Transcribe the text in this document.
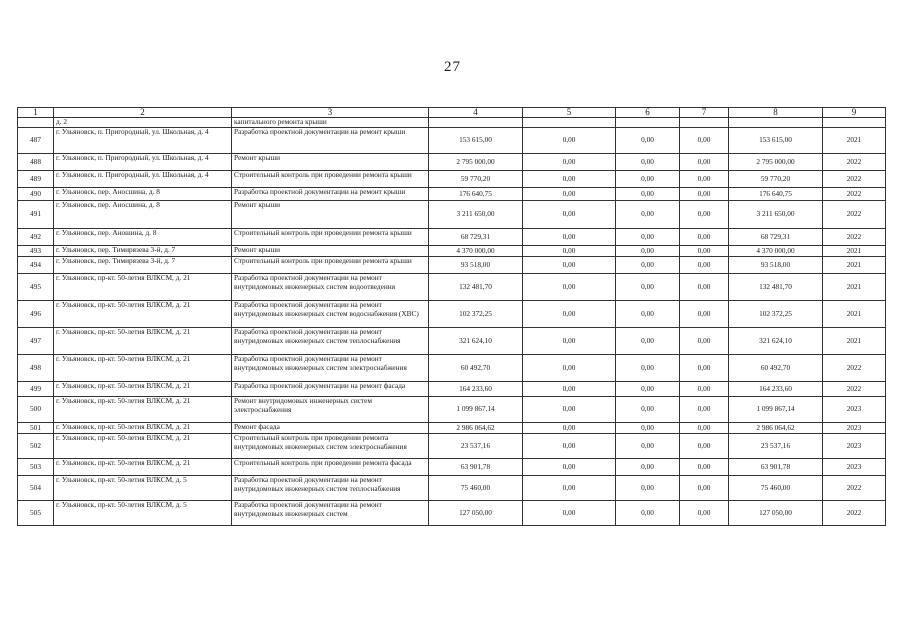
27
1	2	3	4	5	6	7	8	9
	д. 2	капитального ремонта крыши						
487	г. Ульяновск, п. Пригородный, ул. Школьная, д. 4	Разработка проектной документации на ремонт крыши	153 615,00	0,00	0,00	0,00	153 615,00	2021
488	г. Ульяновск, п. Пригородный, ул. Школьная, д. 4	Ремонт крыши	2 795 000,00	0,00	0,00	0,00	2 795 000,00	2022
489	г. Ульяновск, п. Пригородный, ул. Школьная, д. 4	Строительный контроль при проведении ремонта крыши	59 770,20	0,00	0,00	0,00	59 770,20	2022
490	г. Ульяновск, пер. Аносшина, д. 8	Разработка проектной документации на ремонт крыши	176 640,75	0,00	0,00	0,00	176 640,75	2022
491	г. Ульяновск, пер. Аносшина, д. 8	Ремонт крыши	3 211 650,00	0,00	0,00	0,00	3 211 650,00	2022
492	г. Ульяновск, пер. Аношина, д. 8	Строительный контроль при проведении ремонта крыши	68 729,31	0,00	0,00	0,00	68 729,31	2022
493	г. Ульяновск, пер. Тимирязева 3-й, д. 7	Ремонт крыши	4 370 000,00	0,00	0,00	0,00	4 370 000,00	2021
494	г. Ульяновск, пер. Тимирязева 3-й, д. 7	Строительный контроль при проведении ремонта крыши	93 518,00	0,00	0,00	0,00	93 518,00	2021
495	г. Ульяновск, пр-кт. 50-летия ВЛКСМ, д. 21	Разработка проектной документации на ремонт внутридомовых инженерных систем водоотведения	132 481,70	0,00	0,00	0,00	132 481,70	2021
496	г. Ульяновск, пр-кт. 50-летия ВЛКСМ, д. 21	Разработка проектной документации на ремонт внутридомовых инженерных систем водоснабжения (ХВС)	102 372,25	0,00	0,00	0,00	102 372,25	2021
497	г. Ульяновск, пр-кт. 50-летия ВЛКСМ, д. 21	Разработка проектной документации на ремонт внутридомовых инженерных систем теплоснабжения	321 624,10	0,00	0,00	0,00	321 624,10	2021
498	г. Ульяновск, пр-кт. 50-летия ВЛКСМ, д. 21	Разработка проектной документации на ремонт внутридомовых инженерных систем электроснабжения	60 492,70	0,00	0,00	0,00	60 492,70	2022
499	г. Ульяновск, пр-кт. 50-летия ВЛКСМ, д. 21	Разработка проектной документации на ремонт фасада	164 233,60	0,00	0,00	0,00	164 233,60	2022
500	г. Ульяновск, пр-кт. 50-летия ВЛКСМ, д. 21	Ремонт внутридомовых инженерных систем электроснабжения	1 099 867,14	0,00	0,00	0,00	1 099 867,14	2023
501	г. Ульяновск, пр-кт. 50-летия ВЛКСМ, д. 21	Ремонт фасада	2 986 064,62	0,00	0,00	0,00	2 986 064,62	2023
502	г. Ульяновск, пр-кт. 50-летия ВЛКСМ, д. 21	Строительный контроль при проведении ремонта внутридомовых инженерных систем электроснабжения	23 537,16	0,00	0,00	0,00	23 537,16	2023
503	г. Ульяновск, пр-кт. 50-летия ВЛКСМ, д. 21	Строительный контроль при проведении ремонта фасада	63 901,78	0,00	0,00	0,00	63 901,78	2023
504	г. Ульяновск, пр-кт. 50-летия ВЛКСМ, д. 5	Разработка проектной документации на ремонт внутридомовых инженерных систем теплоснабжения	75 460,00	0,00	0,00	0,00	75 460,00	2022
505	г. Ульяновск, пр-кт. 50-летия ВЛКСМ, д. 5	Разработка проектной документации на ремонт внутридомовых инженерных систем	127 050,00	0,00	0,00	0,00	127 050,00	2022
